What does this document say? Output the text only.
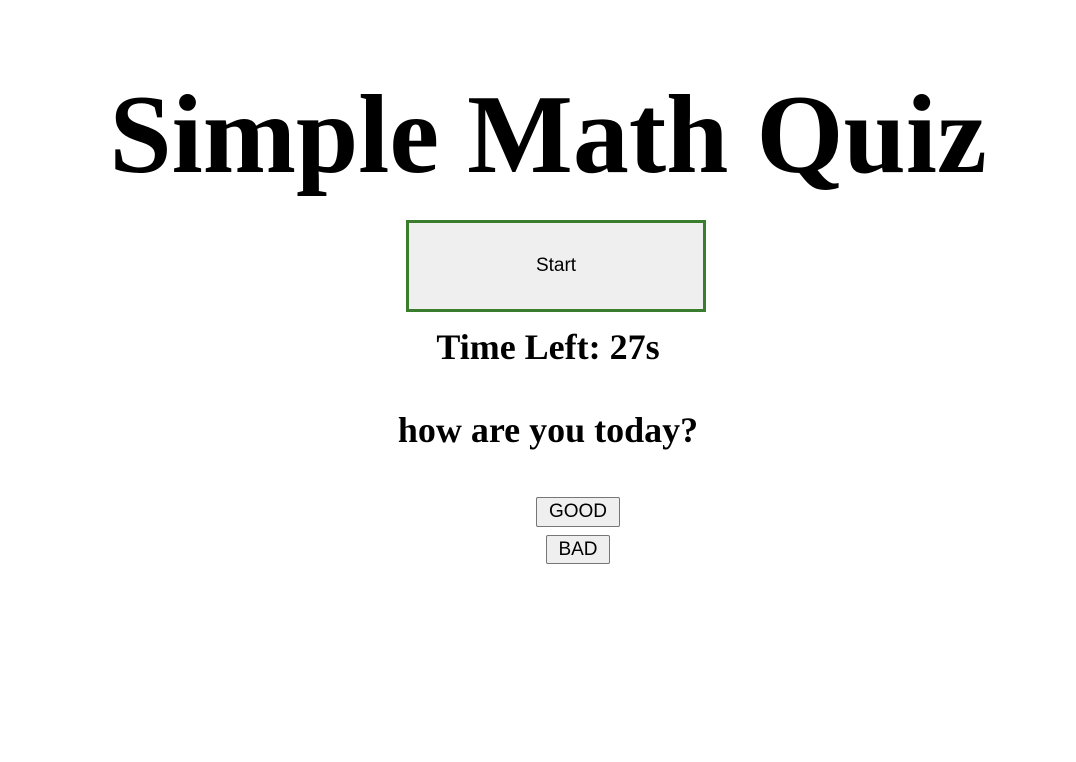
Simple Math Quiz
Start
Time Left: 27s
how are you today?
GOOD
BAD
